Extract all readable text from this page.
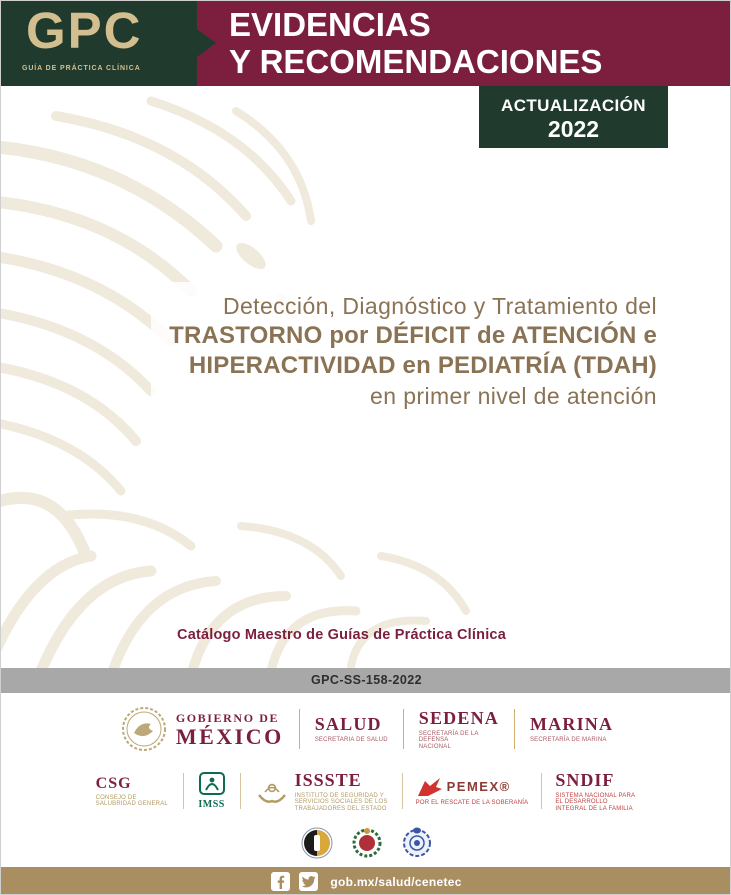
EVIDENCIAS
Y RECOMENDACIONES
GPC
GUÍA DE PRÁCTICA CLÍNICA
ACTUALIZACIÓN
2022
Detección, Diagnóstico y Tratamiento del
TRASTORNO por DÉFICIT de ATENCIÓN e
HIPERACTIVIDAD en PEDIATRÍA (TDAH)
en primer nivel de atención
Catálogo Maestro de Guías de Práctica Clínica
GPC-SS-158-2022
GOBIERNO DE
MÉXICO SALUD
SECRETARIA DE SALUD
SEDENA
SECRETARÍA DE LA DEFENSA NACIONAL
MARINA
SECRETARÍA DE MARINA
CSG
CONSEJO DE SALUBRIDAD GENERAL	IMSS
ISSSTE
INSTITUTO DE SEGURIDAD Y SERVICIOS SOCIALES DE LOS TRABAJADORES DEL ESTADO
PEMEX®
POR EL RESCATE DE LA SOBERANÍA
SNDIF
SISTEMA NACIONAL PARA EL DESARROLLO INTEGRAL DE LA FAMILIA
gob.mx/salud/cenetec
